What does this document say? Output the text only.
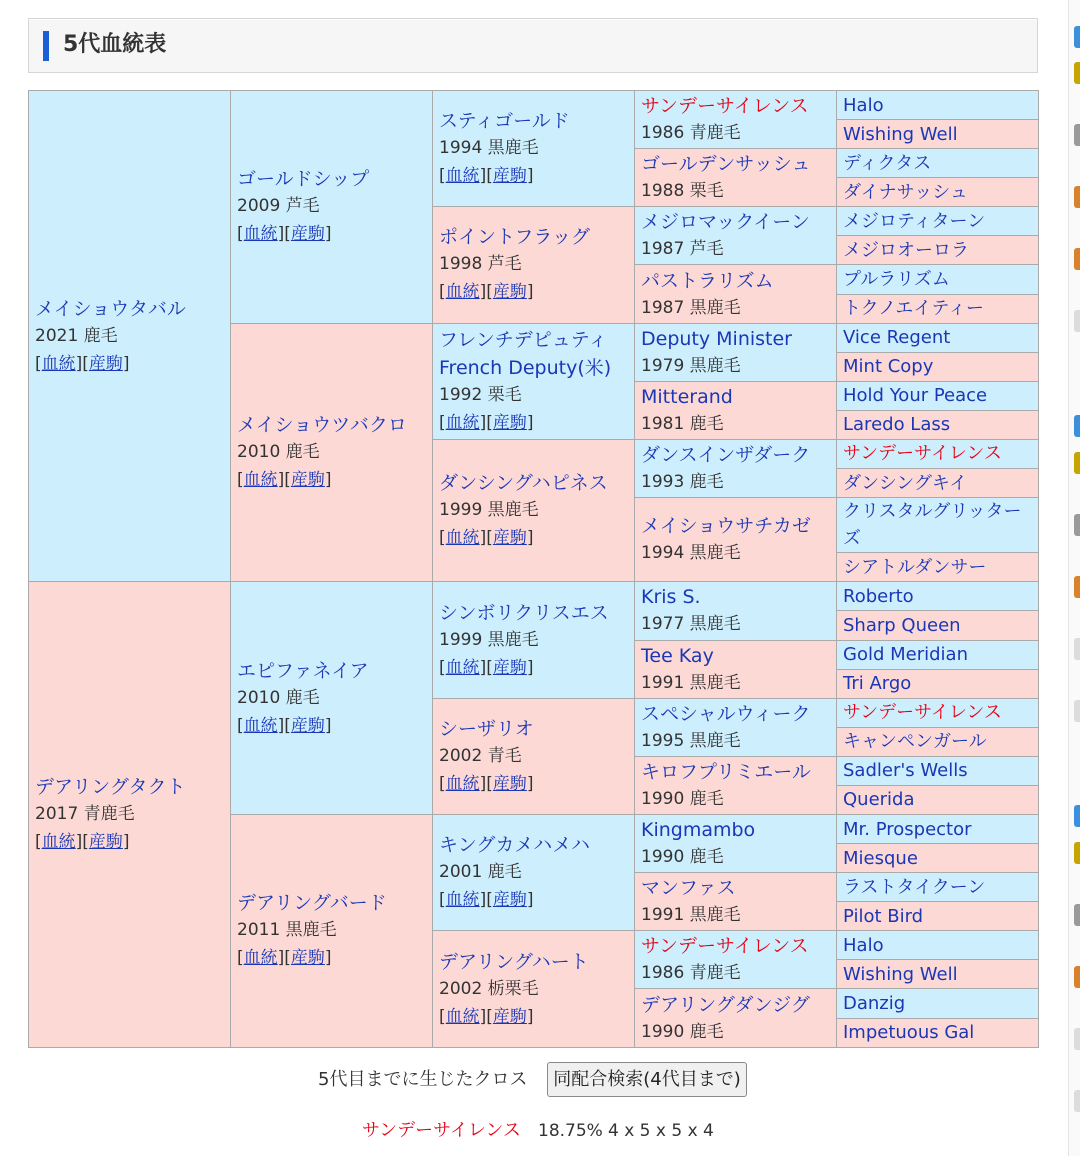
5代血統表
メイショウタバル
2021 鹿毛
[血統][産駒]	ゴールドシップ
2009 芦毛
[血統][産駒]	スティゴールド
1994 黒鹿毛
[血統][産駒]	サンデーサイレンス
1986 青鹿毛	Halo

				Wishing Well

			ゴールデンサッシュ
1988 栗毛	ディクタス

				ダイナサッシュ

		ポイントフラッグ
1998 芦毛
[血統][産駒]	メジロマックイーン
1987 芦毛	メジロティターン

				メジロオーロラ

			パストラリズム
1987 黒鹿毛	プルラリズム

				トクノエイティー

	メイショウツバクロ
2010 鹿毛
[血統][産駒]	フレンチデピュティ
French Deputy(米)
1992 栗毛
[血統][産駒]	Deputy Minister
1979 黒鹿毛	Vice Regent

				Mint Copy

			Mitterand
1981 鹿毛	Hold Your Peace

				Laredo Lass

		ダンシングハピネス
1999 黒鹿毛
[血統][産駒]	ダンスインザダーク
1993 鹿毛	サンデーサイレンス

				ダンシングキイ

			メイショウサチカゼ
1994 黒鹿毛	クリスタルグリッターズ

				シアトルダンサー

デアリングタクト
2017 青鹿毛
[血統][産駒]	エピファネイア
2010 鹿毛
[血統][産駒]	シンボリクリスエス
1999 黒鹿毛
[血統][産駒]	Kris S.
1977 黒鹿毛	Roberto

				Sharp Queen

			Tee Kay
1991 黒鹿毛	Gold Meridian

				Tri Argo

		シーザリオ
2002 青毛
[血統][産駒]	スペシャルウィーク
1995 黒鹿毛	サンデーサイレンス

				キャンペンガール

			キロフプリミエール
1990 鹿毛	Sadler's Wells

				Querida

	デアリングバード
2011 黒鹿毛
[血統][産駒]	キングカメハメハ
2001 鹿毛
[血統][産駒]	Kingmambo
1990 鹿毛	Mr. Prospector

				Miesque

			マンファス
1991 黒鹿毛	ラストタイクーン

				Pilot Bird

		デアリングハート
2002 栃栗毛
[血統][産駒]	サンデーサイレンス
1986 青鹿毛	Halo

				Wishing Well

			デアリングダンジグ
1990 鹿毛	Danzig

				Impetuous Gal
5代目までに生じたクロス	同配合検索(4代目まで)
サンデーサイレンス 18.75% 4 x 5 x 5 x 4
